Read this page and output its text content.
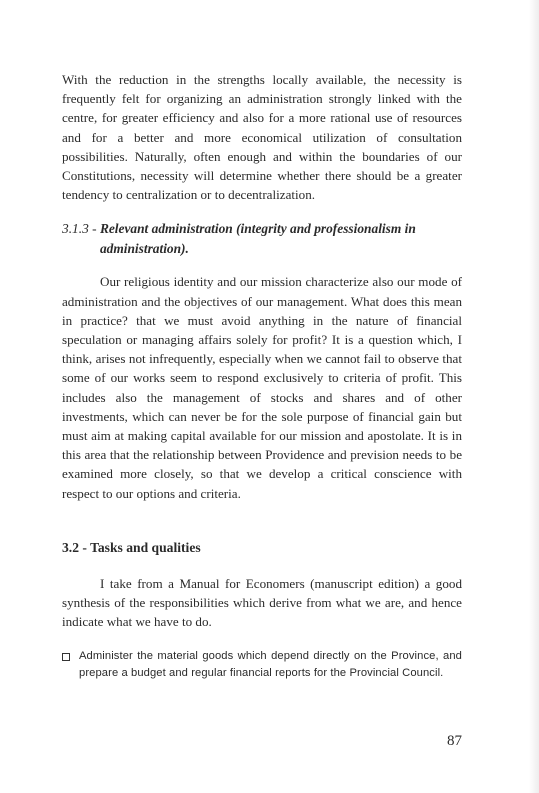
With the reduction in the strengths locally available, the necessity is frequently felt for organizing an administration strongly linked with the centre, for greater efficiency and also for a more rational use of resources and for a better and more economical utilization of consultation possibilities. Naturally, often enough and within the boundaries of our Constitutions, necessity will determine whether there should be a greater tendency to centralization or to decentralization.

3.1.3 - Relevant administration (integrity and professionalism in administration).

Our religious identity and our mission characterize also our mode of administration and the objectives of our management. What does this mean in practice? that we must avoid anything in the nature of financial speculation or managing affairs solely for profit? It is a question which, I think, arises not infrequently, especially when we cannot fail to observe that some of our works seem to respond exclusively to criteria of profit. This includes also the management of stocks and shares and of other investments, which can never be for the sole purpose of financial gain but must aim at making capital available for our mission and apostolate. It is in this area that the relationship between Providence and prevision needs to be examined more closely, so that we develop a critical conscience with respect to our options and criteria.

3.2 - Tasks and qualities

I take from a Manual for Economers (manuscript edition) a good synthesis of the responsibilities which derive from what we are, and hence indicate what we have to do.

Administer the material goods which depend directly on the Province, and prepare a budget and regular financial reports for the Provincial Council.
87
